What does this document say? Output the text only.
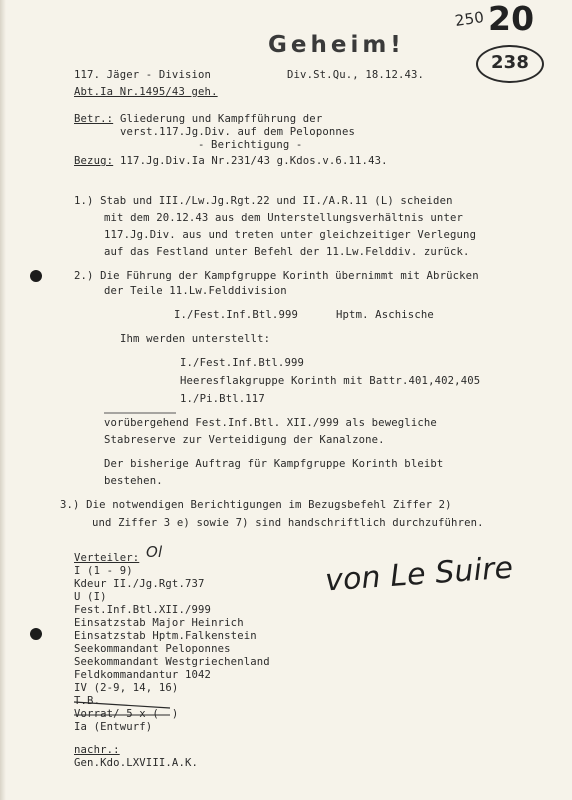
Geheim!
250 20
238
117. Jäger - Division	Div.St.Qu., 18.12.43.
Abt.Ia Nr.1495/43 geh.
Betr.: Gliederung und Kampfführung der
verst.117.Jg.Div. auf dem Peloponnes
- Berichtigung -
Bezug: 117.Jg.Div.Ia Nr.231/43 g.Kdos.v.6.11.43.
1.) Stab und III./Lw.Jg.Rgt.22 und II./A.R.11 (L) scheiden
mit dem 20.12.43 aus dem Unterstellungsverhältnis unter
117.Jg.Div. aus und treten unter gleichzeitiger Verlegung
auf das Festland unter Befehl der 11.Lw.Felddiv. zurück.
2.) Die Führung der Kampfgruppe Korinth übernimmt mit Abrücken
der Teile 11.Lw.Felddivision
I./Fest.Inf.Btl.999	Hptm. Aschische
Ihm werden unterstellt:
I./Fest.Inf.Btl.999
Heeresflakgruppe Korinth mit Battr.401,402,405
1./Pi.Btl.117
vorübergehend Fest.Inf.Btl. XII./999 als bewegliche
Stabreserve zur Verteidigung der Kanalzone.
Der bisherige Auftrag für Kampfgruppe Korinth bleibt
bestehen.
3.) Die notwendigen Berichtigungen im Bezugsbefehl Ziffer 2)
und Ziffer 3 e) sowie 7) sind handschriftlich durchzuführen.
Verteiler: Ol
I (1 - 9)
Kdeur II./Jg.Rgt.737
U (I)
Fest.Inf.Btl.XII./999
Einsatzstab Major Heinrich
Einsatzstab Hptm.Falkenstein
Seekommandant Peloponnes
Seekommandant Westgriechenland
Feldkommandantur 1042
IV (2-9, 14, 16)
T.B.
Vorrat/ 5 x (  )
Ia (Entwurf)
nachr.:
Gen.Kdo.LXVIII.A.K.
von Le Suire
